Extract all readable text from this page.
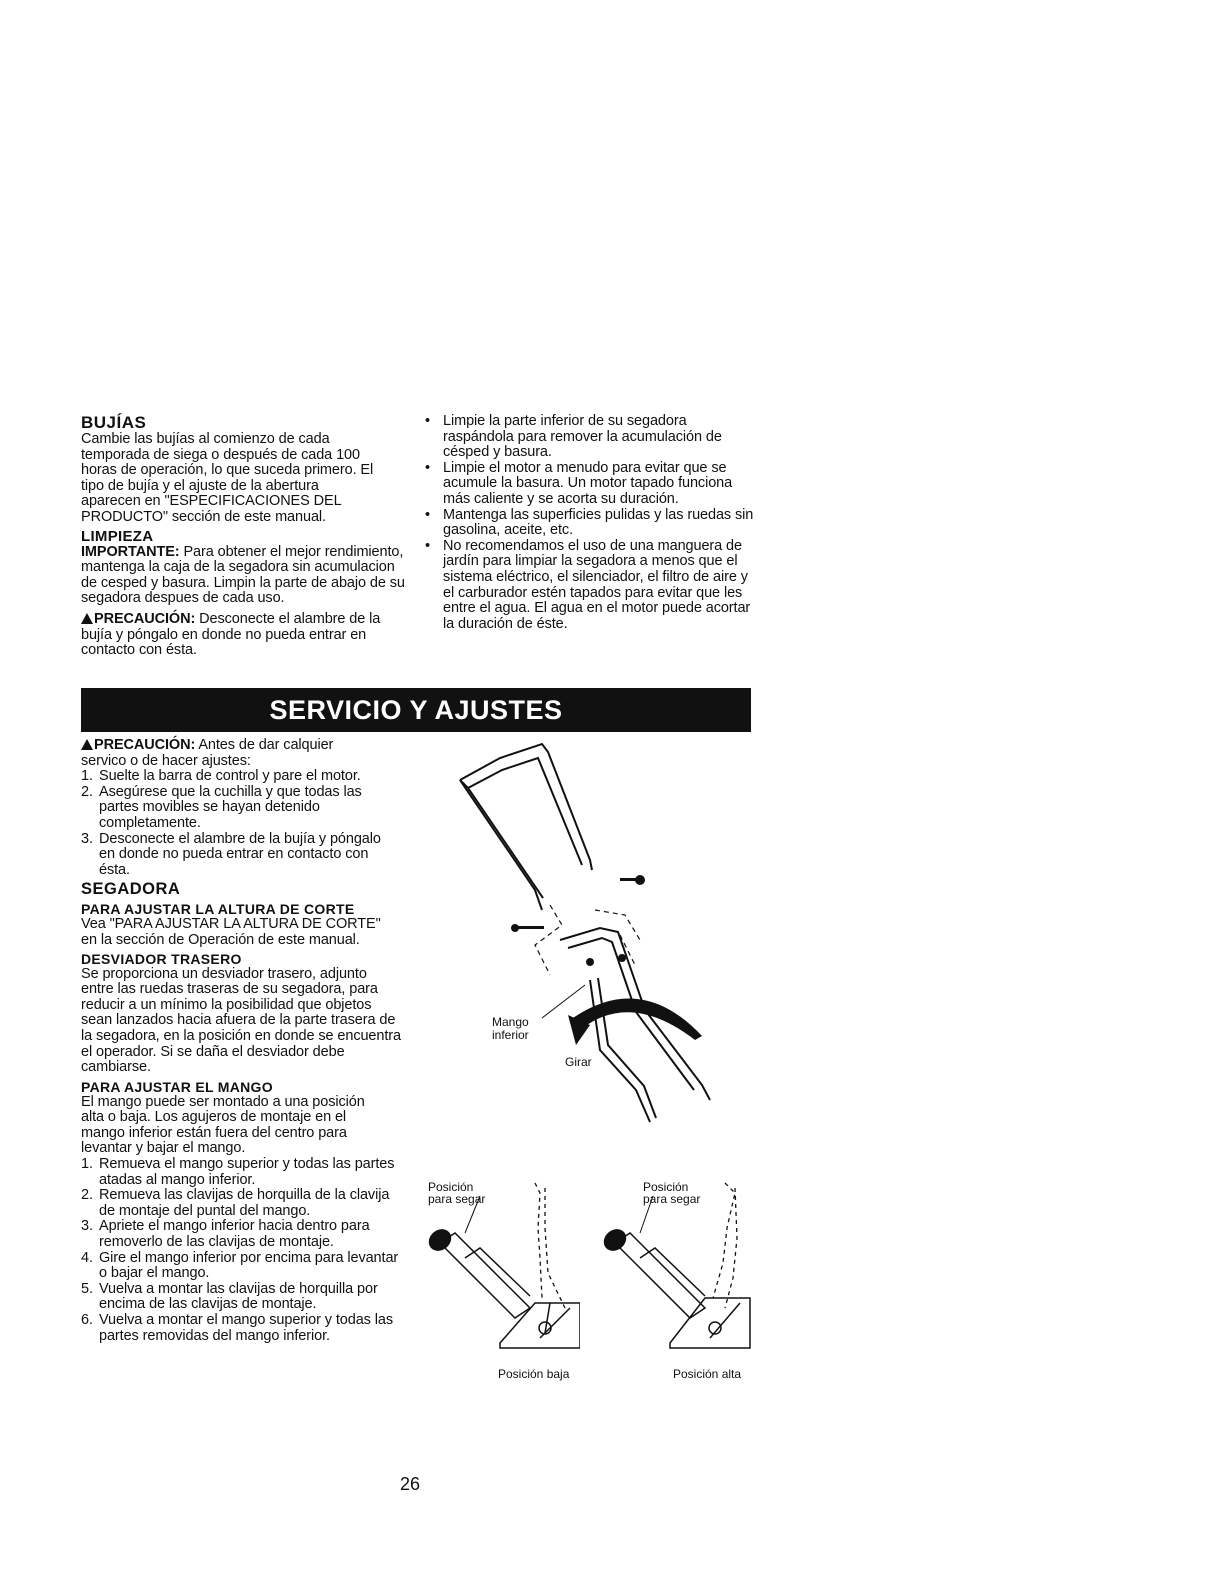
BUJÍAS

Cambie las bujías al comienzo de cada temporada de siega o después de cada 100 horas de operación, lo que suceda primero. El tipo de bujía y el ajuste de la abertura aparecen en "ESPECIFICACIONES DEL PRODUCTO" sección de este manual.

LIMPIEZA

IMPORTANTE: Para obtener el mejor rendimiento, mantenga la caja de la segadora sin acumulacion de cesped y basura. Limpin la parte de abajo de su segadora despues de cada uso.

PRECAUCIÓN: Desconecte el alambre de la bujía y póngalo en donde no pueda entrar en contacto con ésta.

• Limpie la parte inferior de su segadora raspándola para remover la acumulación de césped y basura.
• Limpie el motor a menudo para evitar que se acumule la basura. Un motor tapado funciona más caliente y se acorta su duración.
• Mantenga las superficies pulidas y las ruedas sin gasolina, aceite, etc.
• No recomendamos el uso de una manguera de jardín para limpiar la segadora a menos que el sistema eléctrico, el silenciador, el filtro de aire y el carburador estén tapados para evitar que les entre el agua. El agua en el motor puede acortar la duración de éste.
SERVICIO Y AJUSTES

PRECAUCIÓN: Antes de dar calquier servico o de hacer ajustes:

1. Suelte la barra de control y pare el motor.
2. Asegúrese que la cuchilla y que todas las partes movibles se hayan detenido completamente.
3. Desconecte el alambre de la bujía y póngalo en donde no pueda entrar en contacto con ésta.
SEGADORA
PARA AJUSTAR LA ALTURA DE CORTE

Vea "PARA AJUSTAR LA ALTURA DE CORTE" en la sección de Operación de este manual.

DESVIADOR TRASERO

Se proporciona un desviador trasero, adjunto entre las ruedas traseras de su segadora, para reducir a un mínimo la posibilidad que objetos sean lanzados hacia afuera de la parte trasera de la segadora, en la posición en donde se encuentra el operador. Si se daña el desviador debe cambiarse.

PARA AJUSTAR EL MANGO

El mango puede ser montado a una posición alta o baja. Los agujeros de montaje en el mango inferior están fuera del centro para levantar y bajar el mango.

1. Remueva el mango superior y todas las partes atadas al mango inferior.
2. Remueva las clavijas de horquilla de la clavija de montaje del puntal del mango.
3. Apriete el mango inferior hacia dentro para removerlo de las clavijas de montaje.
4. Gire el mango inferior por encima para levantar o bajar el mango.
5. Vuelva a montar las clavijas de horquilla por encima de las clavijas de montaje.
6. Vuelva a montar el mango superior y todas las partes removidas del mango inferior.
Mango
inferior
Girar
Posición
para segar
Posición baja
Posición
para segar
Posición alta
26
